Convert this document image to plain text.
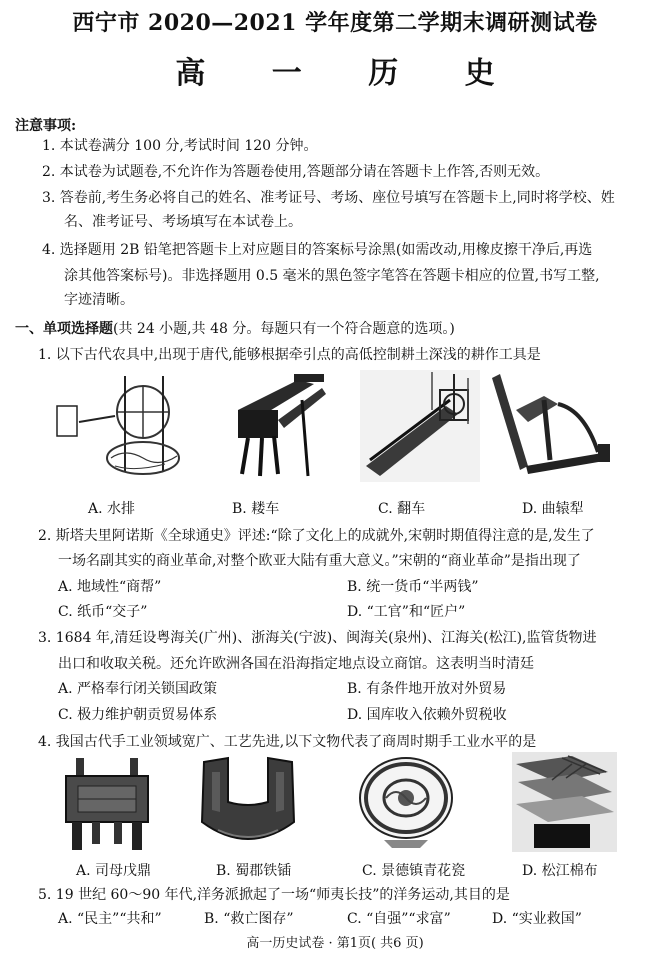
西宁市 2020—2021 学年度第二学期末调研测试卷
高 一 历 史
注意事项:
1. 本试卷满分 100 分,考试时间 120 分钟。
2. 本试卷为试题卷,不允许作为答题卷使用,答题部分请在答题卡上作答,否则无效。
3. 答卷前,考生务必将自己的姓名、准考证号、考场、座位号填写在答题卡上,同时将学校、姓
名、准考证号、考场填写在本试卷上。
4. 选择题用 2B 铅笔把答题卡上对应题目的答案标号涂黑(如需改动,用橡皮擦干净后,再选
涂其他答案标号)。非选择题用 0.5 毫米的黑色签字笔答在答题卡相应的位置,书写工整,
字迹清晰。
一、单项选择题(共 24 小题,共 48 分。每题只有一个符合题意的选项。)
1. 以下古代农具中,出现于唐代,能够根据牵引点的高低控制耕土深浅的耕作工具是
A. 水排	B. 耧车	C. 翻车	D. 曲辕犁
2. 斯塔夫里阿诺斯《全球通史》评述:“除了文化上的成就外,宋朝时期值得注意的是,发生了
一场名副其实的商业革命,对整个欧亚大陆有重大意义。”宋朝的“商业革命”是指出现了
A. 地域性“商帮”	B. 统一货币“半两钱”
C. 纸币“交子”	D. “工官”和“匠户”
3. 1684 年,清廷设粤海关(广州)、浙海关(宁波)、闽海关(泉州)、江海关(松江),监管货物进
出口和收取关税。还允许欧洲各国在沿海指定地点设立商馆。这表明当时清廷
A. 严格奉行闭关锁国政策	B. 有条件地开放对外贸易
C. 极力维护朝贡贸易体系	D. 国库收入依赖外贸税收
4. 我国古代手工业领域宽广、工艺先进,以下文物代表了商周时期手工业水平的是
A. 司母戊鼎	B. 蜀郡铁锸	C. 景德镇青花瓷	D. 松江棉布
5. 19 世纪 60～90 年代,洋务派掀起了一场“师夷长技”的洋务运动,其目的是
A. “民主”“共和”	B. “救亡图存”	C. “自强”“求富”	D. “实业救国”
高一历史试卷 · 第1页( 共6 页)
